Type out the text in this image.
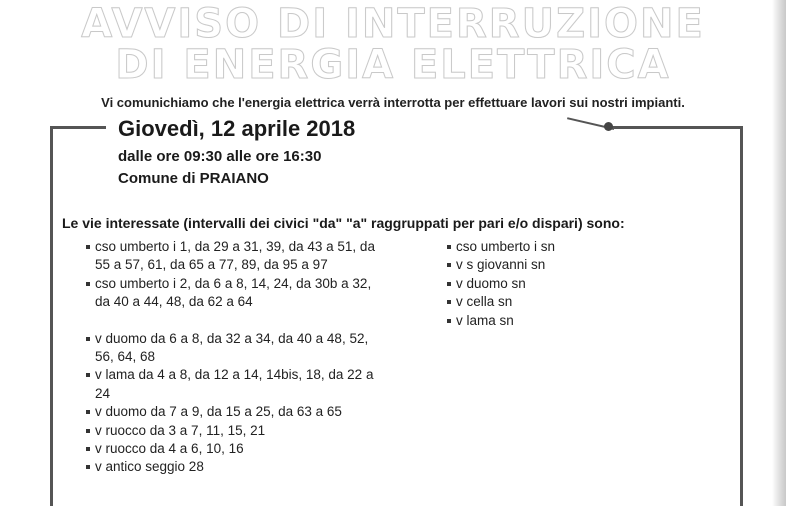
AVVISO DI INTERRUZIONE
DI ENERGIA ELETTRICA
Vi comunichiamo che l'energia elettrica verrà interrotta per effettuare lavori sui nostri impianti.
Giovedì, 12 aprile 2018
dalle ore 09:30 alle ore 16:30
Comune di PRAIANO
Le vie interessate (intervalli dei civici "da" "a" raggruppati per pari e/o dispari) sono:
cso umberto i 1, da 29 a 31, 39, da 43 a 51, da 55 a 57, 61, da 65 a 77, 89, da 95 a 97
cso umberto i 2, da 6 a 8, 14, 24, da 30b a 32, da 40 a 44, 48, da 62 a 64
v duomo da 6 a 8, da 32 a 34, da 40 a 48, 52, 56, 64, 68
v lama da 4 a 8, da 12 a 14, 14bis, 18, da 22 a 24
v duomo da 7 a 9, da 15 a 25, da 63 a 65
v ruocco da 3 a 7, 11, 15, 21
v ruocco da 4 a 6, 10, 16
v antico seggio 28
cso umberto i sn
v s giovanni sn
v duomo sn
v cella sn
v lama sn
